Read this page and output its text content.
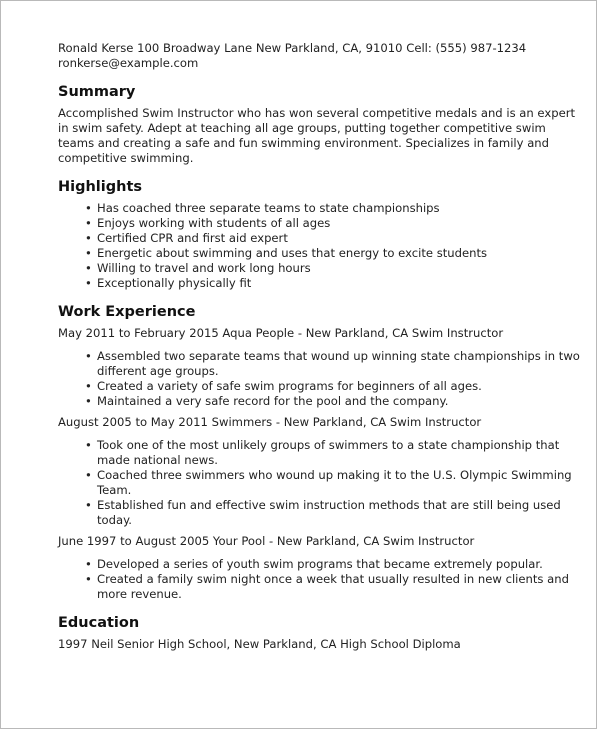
Ronald Kerse 100 Broadway Lane New Parkland, CA, 91010 Cell: (555) 987-1234
ronkerse@example.com
Summary

Accomplished Swim Instructor who has won several competitive medals and is an expert in swim safety. Adept at teaching all age groups, putting together competitive swim teams and creating a safe and fun swimming environment. Specializes in family and competitive swimming.

Highlights
• Has coached three separate teams to state championships
• Enjoys working with students of all ages
• Certified CPR and first aid expert
• Energetic about swimming and uses that energy to excite students
• Willing to travel and work long hours
• Exceptionally physically fit
Work Experience

May 2011 to February 2015 Aqua People - New Parkland, CA Swim Instructor

• Assembled two separate teams that wound up winning state championships in two different age groups.
• Created a variety of safe swim programs for beginners of all ages.
• Maintained a very safe record for the pool and the company.

August 2005 to May 2011 Swimmers - New Parkland, CA Swim Instructor

• Took one of the most unlikely groups of swimmers to a state championship that made national news.
• Coached three swimmers who wound up making it to the U.S. Olympic Swimming Team.
• Established fun and effective swim instruction methods that are still being used today.

June 1997 to August 2005 Your Pool - New Parkland, CA Swim Instructor

• Developed a series of youth swim programs that became extremely popular.
• Created a family swim night once a week that usually resulted in new clients and more revenue.
Education

1997 Neil Senior High School, New Parkland, CA High School Diploma
